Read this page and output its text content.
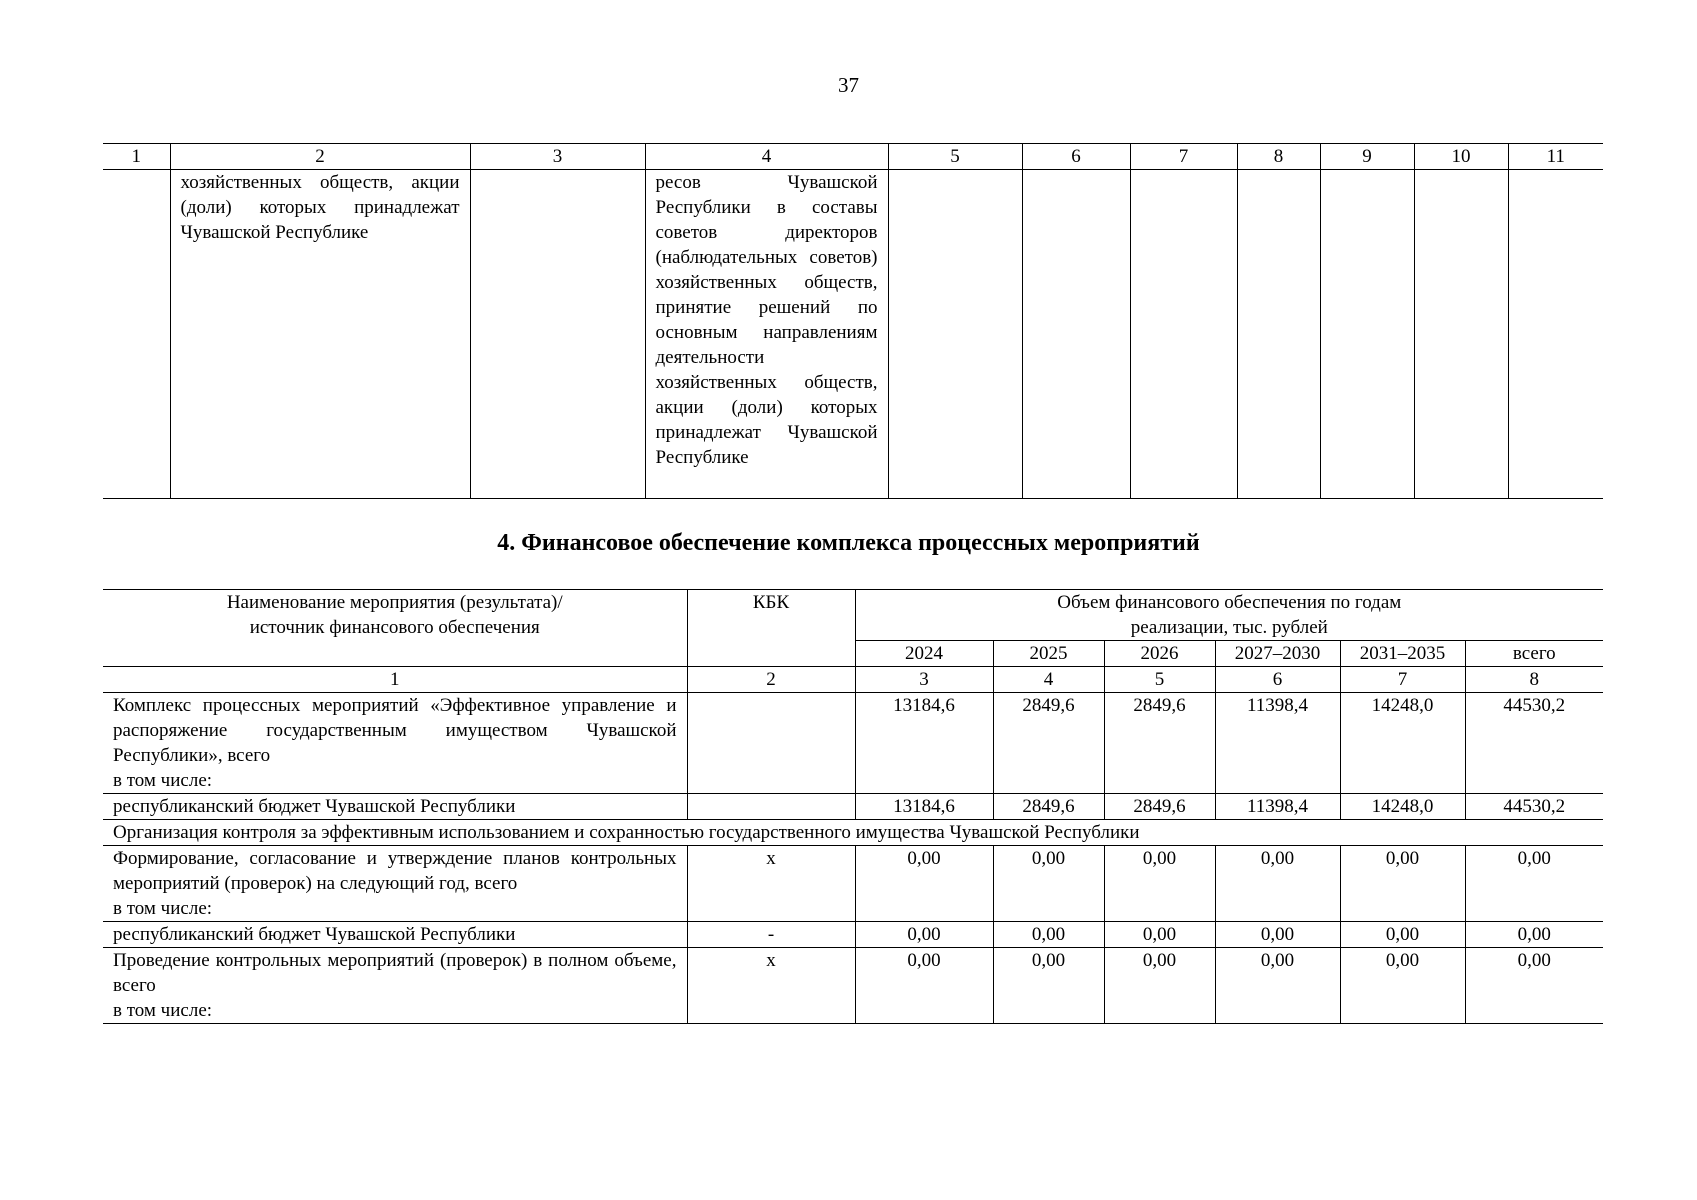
37
1	2	3	4	5	6	7	8	9	10	11
	хозяйственных обществ, акции (доли) которых принадлежат Чувашской Республике		ресов Чувашской Республики в составы советов директоров (наблюдательных советов) хозяйственных обществ, принятие решений по основным направлениям деятельности хозяйственных обществ, акции (доли) которых принадлежат Чувашской Республике							
4. Финансовое обеспечение комплекса процессных мероприятий
Наименование мероприятия (результата)/
источник финансового обеспечения	КБК	Объем финансового обеспечения по годам
реализации, тыс. рублей					

		2024	2025	2026	2027–2030	2031–2035	всего
1	2	3	4	5	6	7	8

Комплекс процессных мероприятий «Эффективное управление и распоряжение государственным имуществом Чувашской Республики», всего
в том числе:		13184,6	2849,6	2849,6	11398,4	14248,0	44530,2
республиканский бюджет Чувашской Республики		13184,6	2849,6	2849,6	11398,4	14248,0	44530,2
Организация контроля за эффективным использованием и сохранностью государственного имущества Чувашской Республики							

Формирование, согласование и утверждение планов контрольных мероприятий (проверок) на следующий год, всего
в том числе:	x	0,00	0,00	0,00	0,00	0,00	0,00
республиканский бюджет Чувашской Республики	-	0,00	0,00	0,00	0,00	0,00	0,00

Проведение контрольных мероприятий (проверок) в полном объеме, всего
в том числе:	x	0,00	0,00	0,00	0,00	0,00	0,00
